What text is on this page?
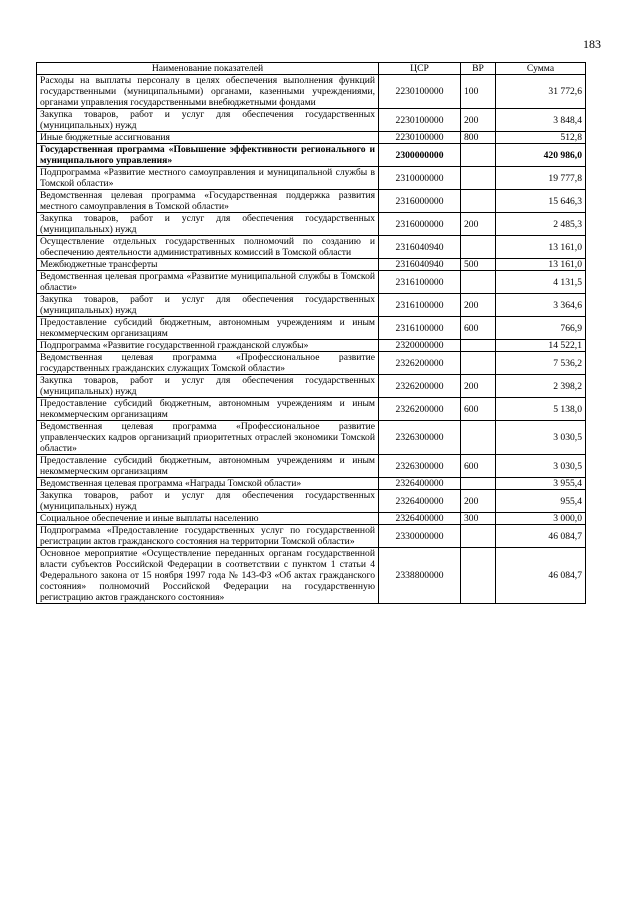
183
Наименование показателей	ЦСР	ВР	Сумма
Расходы на выплаты персоналу в целях обеспечения выполнения функций государственными (муниципальными) органами, казенными учреждениями, органами управления государственными внебюджетными фондами	2230100000	100	31 772,6
Закупка товаров, работ и услуг для обеспечения государственных (муниципальных) нужд	2230100000	200	3 848,4
Иные бюджетные ассигнования	2230100000	800	512,8
Государственная программа «Повышение эффективности регионального и муниципального управления»	2300000000		420 986,0
Подпрограмма «Развитие местного самоуправления и муниципальной службы в Томской области»	2310000000		19 777,8
Ведомственная целевая программа «Государственная поддержка развития местного самоуправления в Томской области»	2316000000		15 646,3
Закупка товаров, работ и услуг для обеспечения государственных (муниципальных) нужд	2316000000	200	2 485,3
Осуществление отдельных государственных полномочий по созданию и обеспечению деятельности административных комиссий в Томской области	2316040940		13 161,0
Межбюджетные трансферты	2316040940	500	13 161,0
Ведомственная целевая программа «Развитие муниципальной службы в Томской области»	2316100000		4 131,5
Закупка товаров, работ и услуг для обеспечения государственных (муниципальных) нужд	2316100000	200	3 364,6
Предоставление субсидий бюджетным, автономным учреждениям и иным некоммерческим организациям	2316100000	600	766,9
Подпрограмма «Развитие государственной гражданской службы»	2320000000		14 522,1
Ведомственная целевая программа «Профессиональное развитие государственных гражданских служащих Томской области»	2326200000		7 536,2
Закупка товаров, работ и услуг для обеспечения государственных (муниципальных) нужд	2326200000	200	2 398,2
Предоставление субсидий бюджетным, автономным учреждениям и иным некоммерческим организациям	2326200000	600	5 138,0
Ведомственная целевая программа «Профессиональное развитие управленческих кадров организаций приоритетных отраслей экономики Томской области»	2326300000		3 030,5
Предоставление субсидий бюджетным, автономным учреждениям и иным некоммерческим организациям	2326300000	600	3 030,5
Ведомственная целевая программа «Награды Томской области»	2326400000		3 955,4
Закупка товаров, работ и услуг для обеспечения государственных (муниципальных) нужд	2326400000	200	955,4
Социальное обеспечение и иные выплаты населению	2326400000	300	3 000,0
Подпрограмма «Предоставление государственных услуг по государственной регистрации актов гражданского состояния на территории Томской области»	2330000000		46 084,7
Основное мероприятие «Осуществление переданных органам государственной власти субъектов Российской Федерации в соответствии с пунктом 1 статьи 4 Федерального закона от 15 ноября 1997 года № 143-ФЗ «Об актах гражданского состояния» полномочий Российской Федерации на государственную регистрацию актов гражданского состояния»	2338800000		46 084,7
